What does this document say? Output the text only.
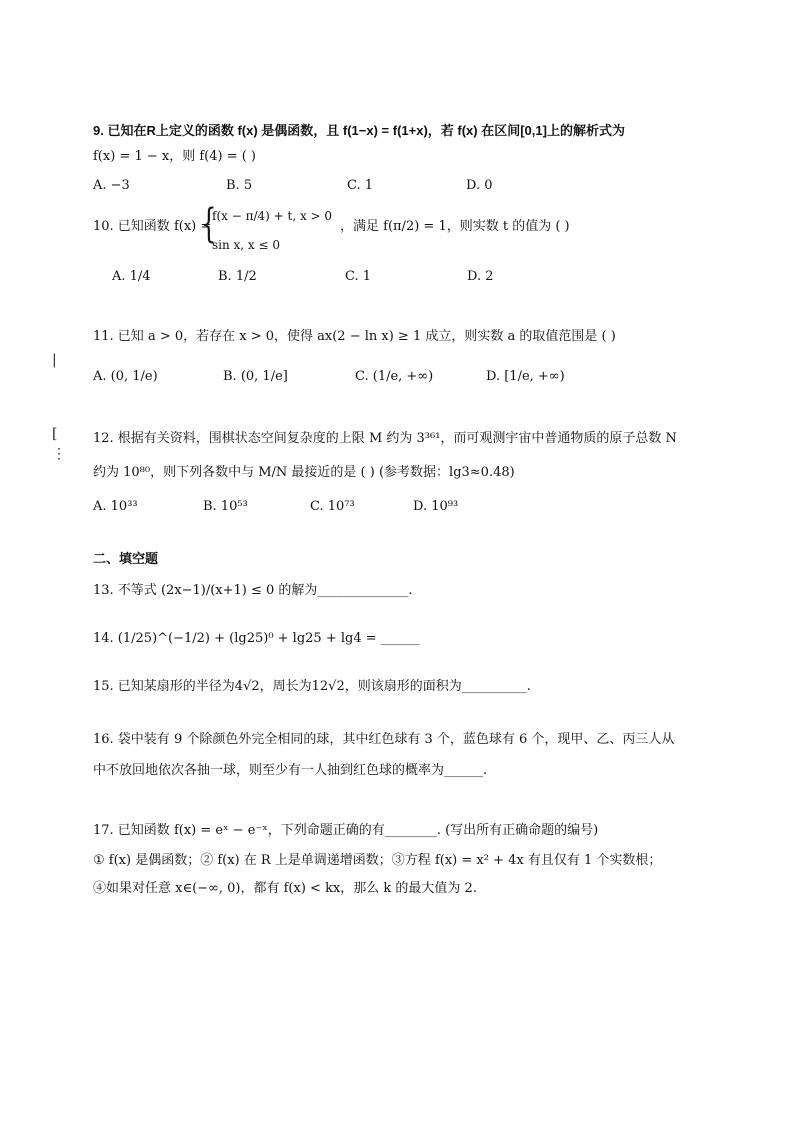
9. 已知在R上定义的函数 f(x) 是偶函数，且 f(1−x) = f(1+x)，若 f(x) 在区间[0,1]上的解析式为
f(x) = 1 − x，则 f(4) = ( )
A. −3	B. 5	C. 1	D. 0
10. 已知函数 f(x) =
{
f(x − π/4) + t, x > 0
sin x, x ≤ 0
，满足 f(π/2) = 1，则实数 t 的值为 ( )
A. 1/4	B. 1/2	C. 1	D. 2
11. 已知 a > 0，若存在 x > 0，使得 ax(2 − ln x) ≥ 1 成立，则实数 a 的取值范围是 ( )
A. (0, 1/e)	B. (0, 1/e]	C. (1/e, +∞)	D. [1/e, +∞)
|
[
⋮
12. 根据有关资料，围棋状态空间复杂度的上限 M 约为 3³⁶¹，而可观测宇宙中普通物质的原子总数 N
约为 10⁸⁰，则下列各数中与 M/N 最接近的是 ( ) (参考数据：lg3≈0.48)
A. 10³³	B. 10⁵³	C. 10⁷³	D. 10⁹³
二、填空题
13. 不等式 (2x−1)/(x+1) ≤ 0 的解为______________.
14. (1/25)^(−1/2) + (lg25)⁰ + lg25 + lg4 = ______
15. 已知某扇形的半径为4√2，周长为12√2，则该扇形的面积为__________.
16. 袋中装有 9 个除颜色外完全相同的球，其中红色球有 3 个，蓝色球有 6 个，现甲、乙、丙三人从
中不放回地依次各抽一球，则至少有一人抽到红色球的概率为______.
17. 已知函数 f(x) = eˣ − e⁻ˣ，下列命题正确的有________. (写出所有正确命题的编号)
① f(x) 是偶函数；② f(x) 在 R 上是单调递增函数；③方程 f(x) = x² + 4x 有且仅有 1 个实数根；
④如果对任意 x∈(−∞, 0)，都有 f(x) < kx，那么 k 的最大值为 2.
